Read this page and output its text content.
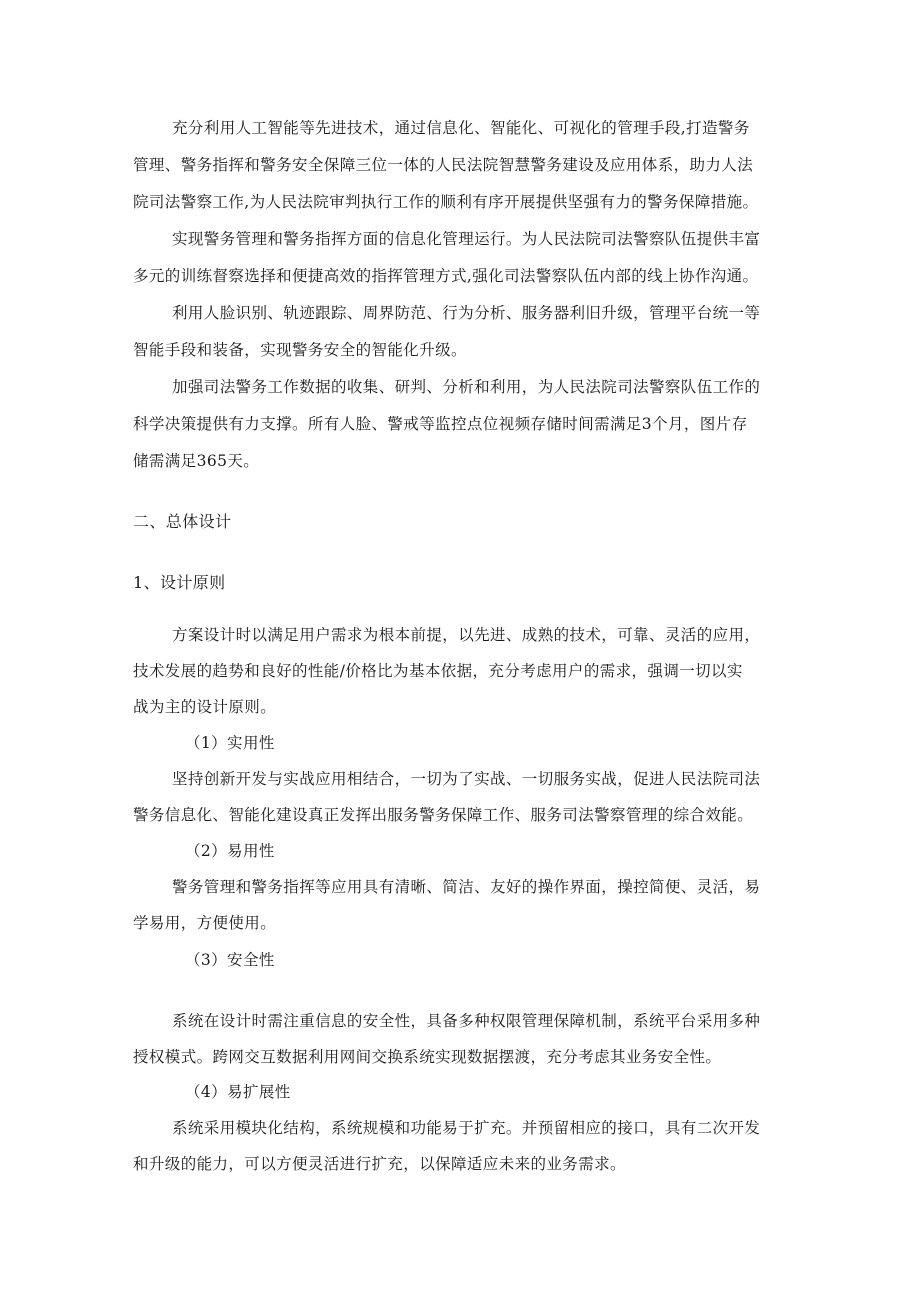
充分利用人工智能等先进技术，通过信息化、智能化、可视化的管理手段,打造警务
管理、警务指挥和警务安全保障三位一体的人民法院智慧警务建设及应用体系，助力人法
院司法警察工作,为人民法院审判执行工作的顺利有序开展提供坚强有力的警务保障措施。
实现警务管理和警务指挥方面的信息化管理运行。为人民法院司法警察队伍提供丰富
多元的训练督察选择和便捷高效的指挥管理方式,强化司法警察队伍内部的线上协作沟通。
利用人脸识别、轨迹跟踪、周界防范、行为分析、服务器利旧升级，管理平台统一等
智能手段和装备，实现警务安全的智能化升级。
加强司法警务工作数据的收集、研判、分析和利用，为人民法院司法警察队伍工作的
科学决策提供有力支撑。所有人脸、警戒等监控点位视频存储时间需满足3个月，图片存
储需满足365天。
二、总体设计
1、设计原则
方案设计时以满足用户需求为根本前提，以先进、成熟的技术，可靠、灵活的应用，
技术发展的趋势和良好的性能/价格比为基本依据，充分考虑用户的需求，强调一切以实
战为主的设计原则。
（1）实用性
坚持创新开发与实战应用相结合，一切为了实战、一切服务实战，促进人民法院司法
警务信息化、智能化建设真正发挥出服务警务保障工作、服务司法警察管理的综合效能。
（2）易用性
警务管理和警务指挥等应用具有清晰、简洁、友好的操作界面，操控简便、灵活，易
学易用，方便使用。
（3）安全性
系统在设计时需注重信息的安全性，具备多种权限管理保障机制，系统平台采用多种
授权模式。跨网交互数据利用网间交换系统实现数据摆渡，充分考虑其业务安全性。
（4）易扩展性
系统采用模块化结构，系统规模和功能易于扩充。并预留相应的接口，具有二次开发
和升级的能力，可以方便灵活进行扩充，以保障适应未来的业务需求。
